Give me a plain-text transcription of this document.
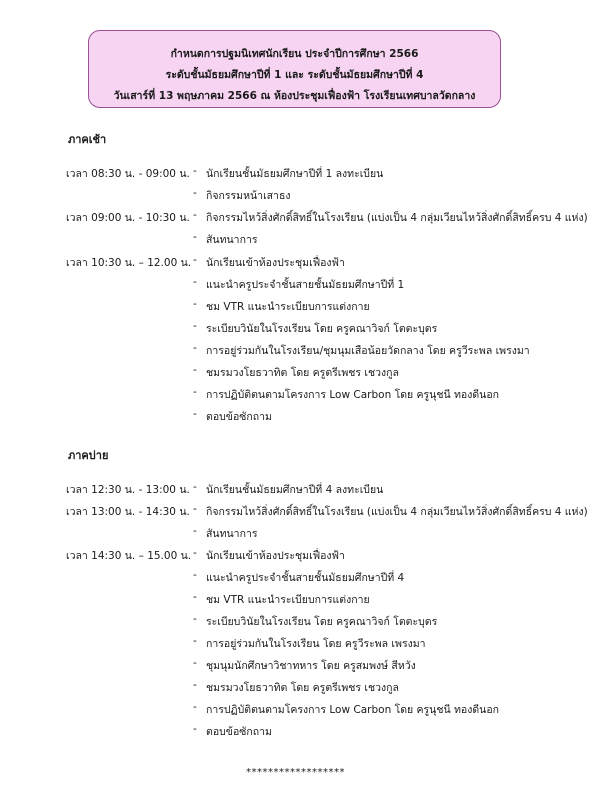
กำหนดการปฐมนิเทศนักเรียน ประจำปีการศึกษา 2566
ระดับชั้นมัธยมศึกษาปีที่ 1 และ ระดับชั้นมัธยมศึกษาปีที่ 4
วันเสาร์ที่ 13 พฤษภาคม 2566 ณ ห้องประชุมเฟื่องฟ้า โรงเรียนเทศบาลวัดกลาง
ภาคเช้า
เวลา 08:30 น. - 09:00 น. - นักเรียนชั้นมัธยมศึกษาปีที่ 1 ลงทะเบียน
- กิจกรรมหน้าเสาธง
เวลา 09:00 น. - 10:30 น. - กิจกรรมไหว้สิ่งศักดิ์สิทธิ์ในโรงเรียน (แบ่งเป็น 4 กลุ่มเวียนไหว้สิ่งศักดิ์สิทธิ์ครบ 4 แห่ง)
- สันทนาการ
เวลา 10:30 น. – 12.00 น. - นักเรียนเข้าห้องประชุมเฟื่องฟ้า
- แนะนำครูประจำชั้นสายชั้นมัธยมศึกษาปีที่ 1
- ชม VTR แนะนำระเบียบการแต่งกาย
- ระเบียบวินัยในโรงเรียน โดย ครูคณาวิจก์ โตตะบุตร
- การอยู่ร่วมกันในโรงเรียน/ชุมนุมเสือน้อยวัดกลาง โดย ครูวีระพล เพรงมา
- ชมรมวงโยธวาทิต โดย ครูตรีเพชร เชวงกูล
- การปฏิบัติตนตามโครงการ Low Carbon โดย ครูนุชนี ทองดีนอก
- ตอบข้อซักถาม
ภาคบ่าย
เวลา 12:30 น. - 13:00 น. - นักเรียนชั้นมัธยมศึกษาปีที่ 4 ลงทะเบียน
เวลา 13:00 น. - 14:30 น. - กิจกรรมไหว้สิ่งศักดิ์สิทธิ์ในโรงเรียน (แบ่งเป็น 4 กลุ่มเวียนไหว้สิ่งศักดิ์สิทธิ์ครบ 4 แห่ง)
- สันทนาการ
เวลา 14:30 น. – 15.00 น. - นักเรียนเข้าห้องประชุมเฟื่องฟ้า
- แนะนำครูประจำชั้นสายชั้นมัธยมศึกษาปีที่ 4
- ชม VTR แนะนำระเบียบการแต่งกาย
- ระเบียบวินัยในโรงเรียน โดย ครูคณาวิจก์ โตตะบุตร
- การอยู่ร่วมกันในโรงเรียน โดย ครูวีระพล เพรงมา
- ชุมนุมนักศึกษาวิชาทหาร โดย ครูสมพงษ์ สีหวัง
- ชมรมวงโยธวาทิต โดย ครูตรีเพชร เชวงกูล
- การปฏิบัติตนตามโครงการ Low Carbon โดย ครูนุชนี ทองดีนอก
- ตอบข้อซักถาม
******************
